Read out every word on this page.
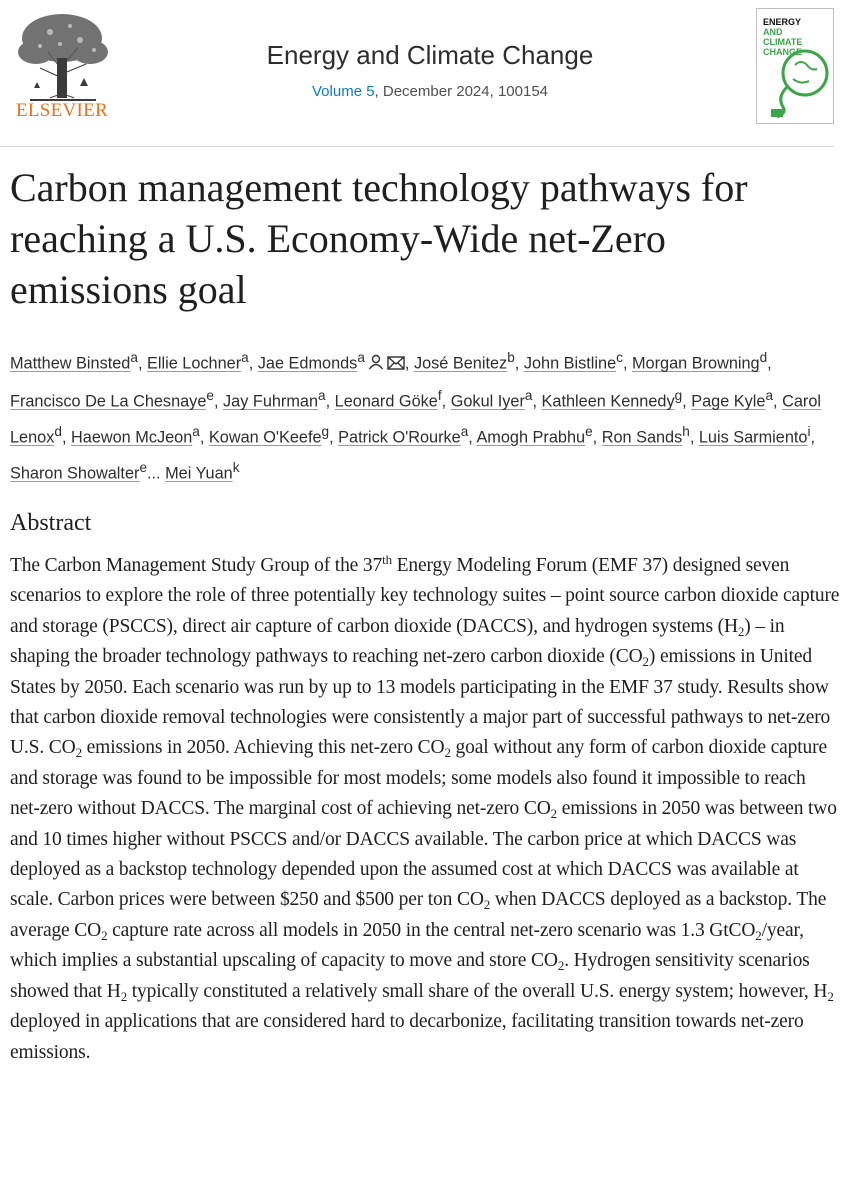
ELSEVIER
Energy and Climate Change
Volume 5, December 2024, 100154
ENERGY
AND
CLIMATE
CHANGE
Carbon management technology pathways for reaching a U.S. Economy-Wide net-Zero emissions goal
Matthew Binsted$^a$, Ellie Lochner$^a$, Jae Edmonds$^a$ , José Benitez$^b$, John Bistline$^c$, Morgan Browning$^d$, Francisco De La Chesnaye$^e$, Jay Fuhrman$^a$, Leonard Göke$^f$, Gokul Iyer$^a$, Kathleen Kennedy$^g$, Page Kyle$^a$, Carol Lenox$^d$, Haewon McJeon$^a$, Kowan O'Keefe$^g$, Patrick O'Rourke$^a$, Amogh Prabhu$^e$, Ron Sands$^h$, Luis Sarmiento$^i$, Sharon Showalter$^e$... Mei Yuan$^k$
Abstract

The Carbon Management Study Group of the 37th Energy Modeling Forum (EMF 37) designed seven scenarios to explore the role of three potentially key technology suites – point source carbon dioxide capture and storage (PSCCS), direct air capture of carbon dioxide (DACCS), and hydrogen systems $(H_2)$ – in shaping the broader technology pathways to reaching net-zero carbon dioxide $(CO_2)$ emissions in United States by 2050. Each scenario was run by up to 13 models participating in the EMF 37 study. Results show that carbon dioxide removal technologies were consistently a major part of successful pathways to net-zero U.S. $CO_2$ emissions in 2050. Achieving this net-zero $CO_2$ goal without any form of carbon dioxide capture and storage was found to be impossible for most models; some models also found it impossible to reach net-zero without DACCS. The marginal cost of achieving net-zero $CO_2$ emissions in 2050 was between two and 10 times higher without PSCCS and/or DACCS available. The carbon price at which DACCS was deployed as a backstop technology depended upon the assumed cost at which DACCS was available at scale. Carbon prices were between $250 and $500 per ton $CO_2$ when DACCS deployed as a backstop. The average $CO_2$ capture rate across all models in 2050 in the central net-zero scenario was 1.3 GtCO$_2$/year, which implies a substantial upscaling of capacity to move and store $CO_2$. Hydrogen sensitivity scenarios showed that $H_2$ typically constituted a relatively small share of the overall U.S. energy system; however, $H_2$ deployed in applications that are considered hard to decarbonize, facilitating transition towards net-zero emissions.
